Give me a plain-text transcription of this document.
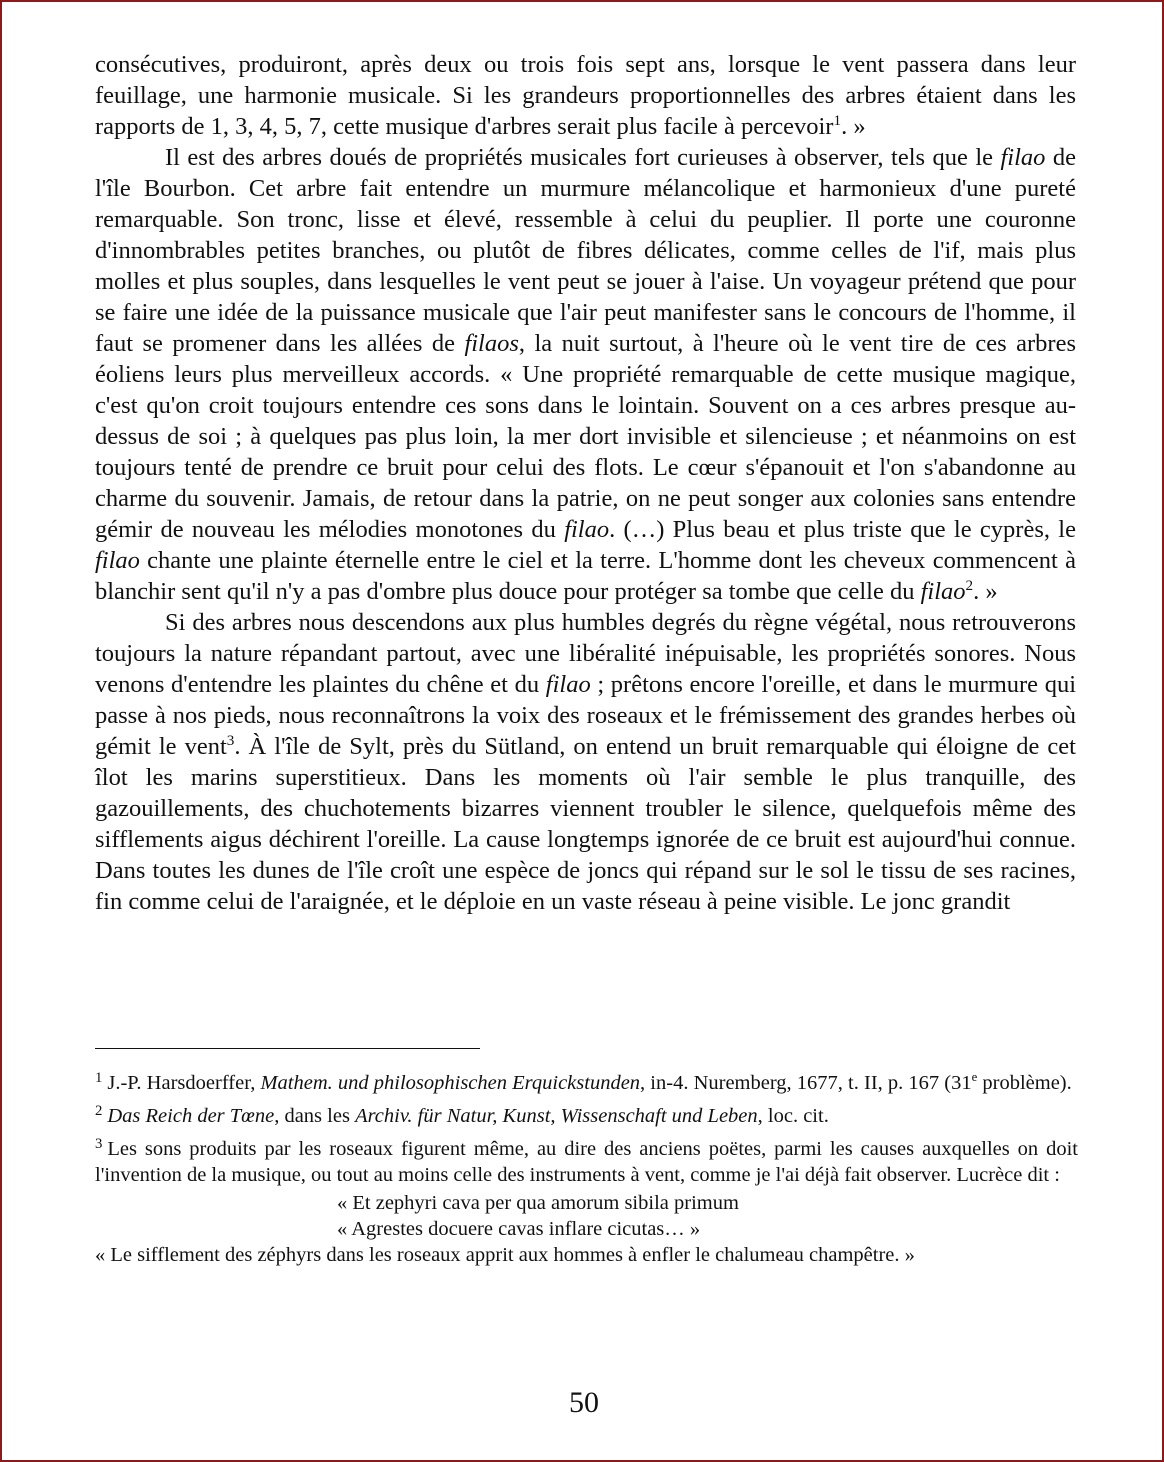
consécutives, produiront, après deux ou trois fois sept ans, lorsque le vent passera dans leur feuillage, une harmonie musicale. Si les grandeurs proportionnelles des arbres étaient dans les rapports de 1, 3, 4, 5, 7, cette musique d'arbres serait plus facile à percevoir$^1$. »

Il est des arbres doués de propriétés musicales fort curieuses à observer, tels que le filao de l'île Bourbon. Cet arbre fait entendre un murmure mélancolique et harmonieux d'une pureté remarquable. Son tronc, lisse et élevé, ressemble à celui du peuplier. Il porte une couronne d'innombrables petites branches, ou plutôt de fibres délicates, comme celles de l'if, mais plus molles et plus souples, dans lesquelles le vent peut se jouer à l'aise. Un voyageur prétend que pour se faire une idée de la puissance musicale que l'air peut manifester sans le concours de l'homme, il faut se promener dans les allées de filaos, la nuit surtout, à l'heure où le vent tire de ces arbres éoliens leurs plus merveilleux accords. « Une propriété remarquable de cette musique magique, c'est qu'on croit toujours entendre ces sons dans le lointain. Souvent on a ces arbres presque au-dessus de soi ; à quelques pas plus loin, la mer dort invisible et silencieuse ; et néanmoins on est toujours tenté de prendre ce bruit pour celui des flots. Le cœur s'épanouit et l'on s'abandonne au charme du souvenir. Jamais, de retour dans la patrie, on ne peut songer aux colonies sans entendre gémir de nouveau les mélodies monotones du filao. (…) Plus beau et plus triste que le cyprès, le filao chante une plainte éternelle entre le ciel et la terre. L'homme dont les cheveux commencent à blanchir sent qu'il n'y a pas d'ombre plus douce pour protéger sa tombe que celle du filao$^2$. »

Si des arbres nous descendons aux plus humbles degrés du règne végétal, nous retrouverons toujours la nature répandant partout, avec une libéralité inépuisable, les propriétés sonores. Nous venons d'entendre les plaintes du chêne et du filao ; prêtons encore l'oreille, et dans le murmure qui passe à nos pieds, nous reconnaîtrons la voix des roseaux et le frémissement des grandes herbes où gémit le vent$^3$. À l'île de Sylt, près du Sütland, on entend un bruit remarquable qui éloigne de cet îlot les marins superstitieux. Dans les moments où l'air semble le plus tranquille, des gazouillements, des chuchotements bizarres viennent troubler le silence, quelquefois même des sifflements aigus déchirent l'oreille. La cause longtemps ignorée de ce bruit est aujourd'hui connue. Dans toutes les dunes de l'île croît une espèce de joncs qui répand sur le sol le tissu de ses racines, fin comme celui de l'araignée, et le déploie en un vaste réseau à peine visible. Le jonc grandit

$^1$ J.-P. Harsdoerffer, Mathem. und philosophischen Erquickstunden, in-4. Nuremberg, 1677, t. II, p. 167 (31e problème).

$^2$ Das Reich der Tœne, dans les Archiv. für Natur, Kunst, Wissenschaft und Leben, loc. cit.

$^3$ Les sons produits par les roseaux figurent même, au dire des anciens poëtes, parmi les causes auxquelles on doit l'invention de la musique, ou tout au moins celle des instruments à vent, comme je l'ai déjà fait observer. Lucrèce dit :

« Et zephyri cava per qua amorum sibila primum

« Agrestes docuere cavas inflare cicutas… »

« Le sifflement des zéphyrs dans les roseaux apprit aux hommes à enfler le chalumeau champêtre. »

50
